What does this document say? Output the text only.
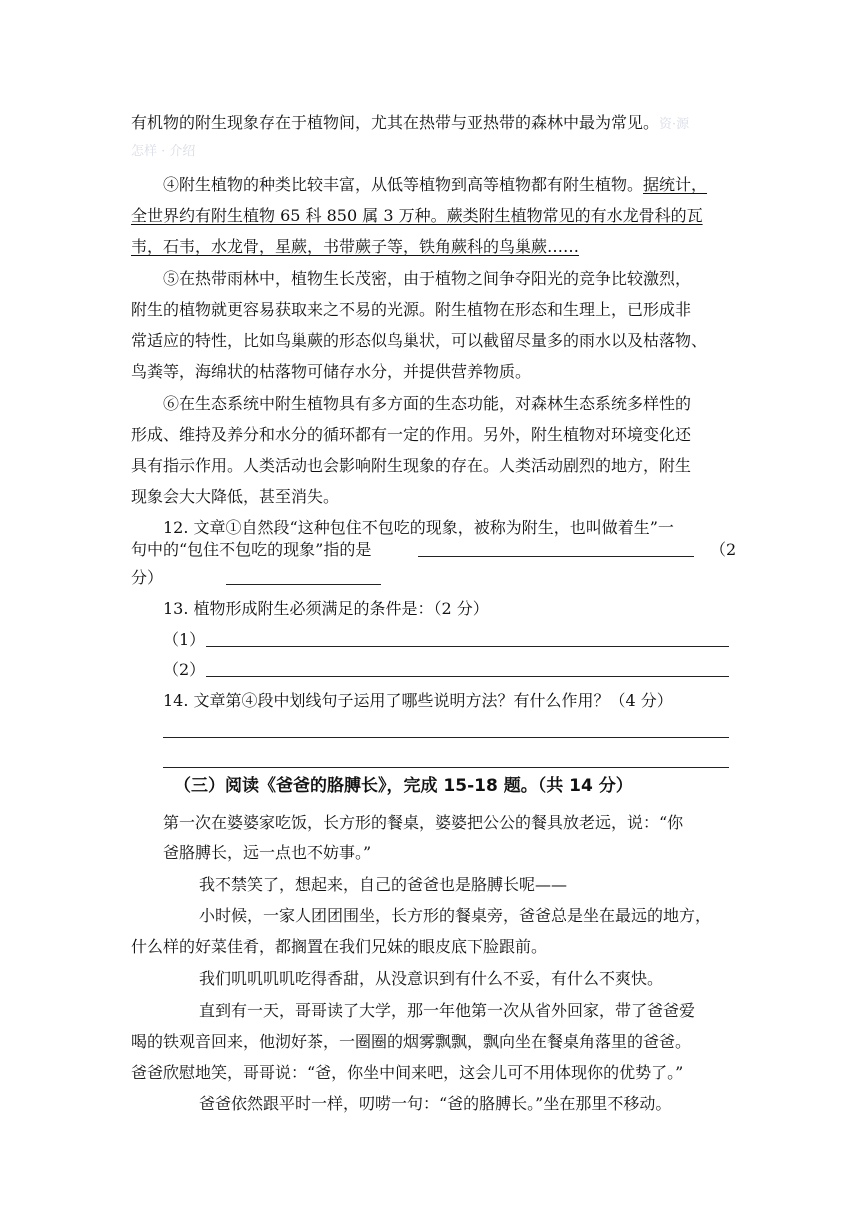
有机物的附生现象存在于植物间，尤其在热带与亚热带的森林中最为常见。资·源
怎样 · 介绍
④附生植物的种类比较丰富，从低等植物到高等植物都有附生植物。据统计，
全世界约有附生植物 65 科 850 属 3 万种。蕨类附生植物常见的有水龙骨科的瓦
韦，石韦，水龙骨，星蕨，书带蕨子等，铁角蕨科的鸟巢蕨……
⑤在热带雨林中，植物生长茂密，由于植物之间争夺阳光的竞争比较激烈，
附生的植物就更容易获取来之不易的光源。附生植物在形态和生理上，已形成非
常适应的特性，比如鸟巢蕨的形态似鸟巢状，可以截留尽量多的雨水以及枯落物、
鸟粪等，海绵状的枯落物可储存水分，并提供营养物质。
⑥在生态系统中附生植物具有多方面的生态功能，对森林生态系统多样性的
形成、维持及养分和水分的循环都有一定的作用。另外，附生植物对环境变化还
具有指示作用。人类活动也会影响附生现象的存在。人类活动剧烈的地方，附生
现象会大大降低，甚至消失。
12. 文章①自然段“这种包住不包吃的现象，被称为附生，也叫做着生”一
句中的“包住不包吃的现象”指的是	（2
分）
13. 植物形成附生必须满足的条件是：（2 分）
（1）
（2）
14. 文章第④段中划线句子运用了哪些说明方法？有什么作用？（4 分）
（三）阅读《爸爸的胳膊长》，完成 15-18 题。（共 14 分）
第一次在婆婆家吃饭，长方形的餐桌，婆婆把公公的餐具放老远，说：“你
爸胳膊长，远一点也不妨事。”
我不禁笑了，想起来，自己的爸爸也是胳膊长呢——
小时候，一家人团团围坐，长方形的餐桌旁，爸爸总是坐在最远的地方，
什么样的好菜佳肴，都搁置在我们兄妹的眼皮底下脸跟前。
我们叽叽叽叽吃得香甜，从没意识到有什么不妥，有什么不爽快。
直到有一天，哥哥读了大学，那一年他第一次从省外回家，带了爸爸爱
喝的铁观音回来，他沏好茶，一圈圈的烟雾飘飘，飘向坐在餐桌角落里的爸爸。
爸爸欣慰地笑，哥哥说：“爸，你坐中间来吧，这会儿可不用体现你的优势了。”
爸爸依然跟平时一样，叨唠一句：“爸的胳膊长。”坐在那里不移动。
